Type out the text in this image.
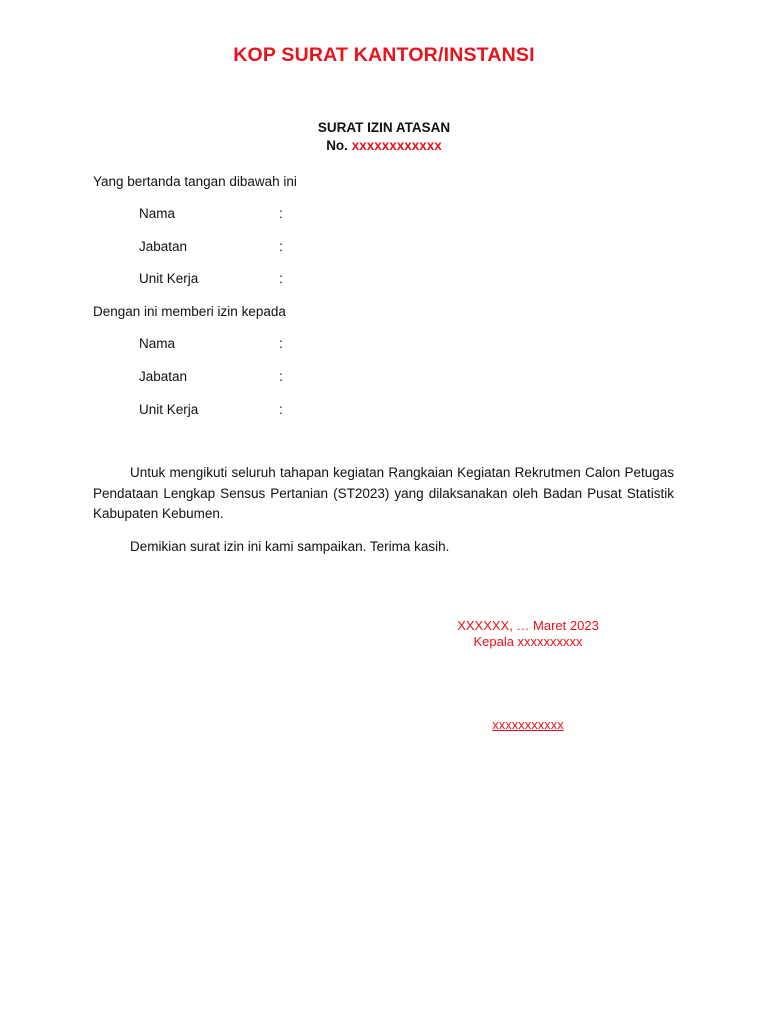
KOP SURAT KANTOR/INSTANSI
SURAT IZIN ATASAN
No. xxxxxxxxxxxx
Yang bertanda tangan dibawah ini
Nama	:
Jabatan	:
Unit Kerja	:
Dengan ini memberi izin kepada
Nama	:
Jabatan	:
Unit Kerja	:
Untuk mengikuti seluruh tahapan kegiatan Rangkaian Kegiatan Rekrutmen Calon Petugas Pendataan Lengkap Sensus Pertanian (ST2023) yang dilaksanakan oleh Badan Pusat Statistik Kabupaten Kebumen.
Demikian surat izin ini kami sampaikan. Terima kasih.
XXXXXX, … Maret 2023
Kepala xxxxxxxxxx
xxxxxxxxxxx
